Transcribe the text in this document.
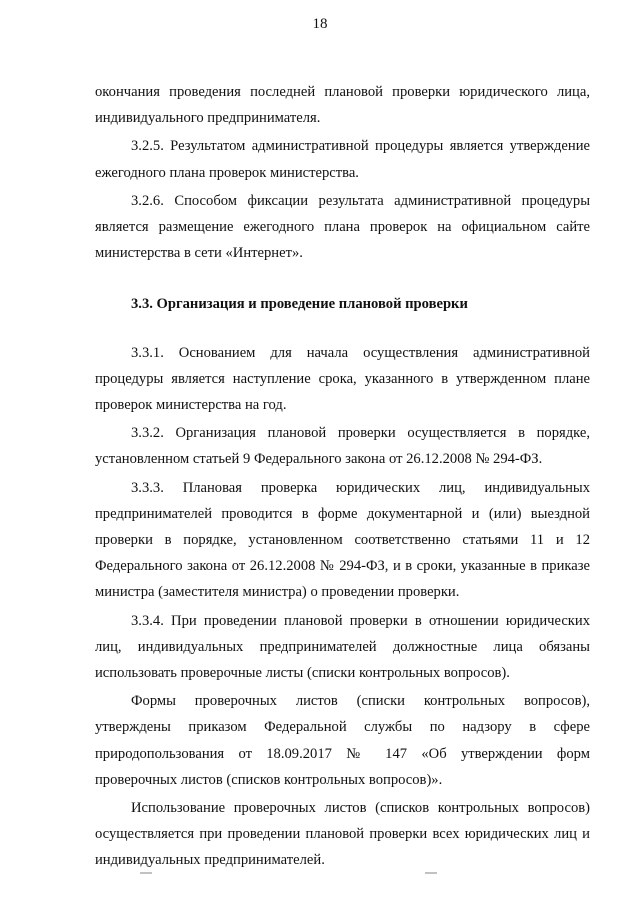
18

окончания проведения последней плановой проверки юридического лица, индивидуального предпринимателя.

3.2.5. Результатом административной процедуры является утверждение ежегодного плана проверок министерства.

3.2.6. Способом фиксации результата административной процедуры является размещение ежегодного плана проверок на официальном сайте министерства в сети «Интернет».

3.3. Организация и проведение плановой проверки

3.3.1. Основанием для начала осуществления административной процедуры является наступление срока, указанного в утвержденном плане проверок министерства на год.

3.3.2. Организация плановой проверки осуществляется в порядке, установленном статьей 9 Федерального закона от 26.12.2008 № 294-ФЗ.

3.3.3. Плановая проверка юридических лиц, индивидуальных предпринимателей проводится в форме документарной и (или) выездной проверки в порядке, установленном соответственно статьями 11 и 12 Федерального закона от 26.12.2008 № 294-ФЗ, и в сроки, указанные в приказе министра (заместителя министра) о проведении проверки.

3.3.4. При проведении плановой проверки в отношении юридических лиц, индивидуальных предпринимателей должностные лица обязаны использовать проверочные листы (списки контрольных вопросов).

Формы проверочных листов (списки контрольных вопросов), утверждены приказом Федеральной службы по надзору в сфере природопользования от 18.09.2017 № 147 «Об утверждении форм проверочных листов (списков контрольных вопросов)».

Использование проверочных листов (списков контрольных вопросов) осуществляется при проведении плановой проверки всех юридических лиц и индивидуальных предпринимателей.
